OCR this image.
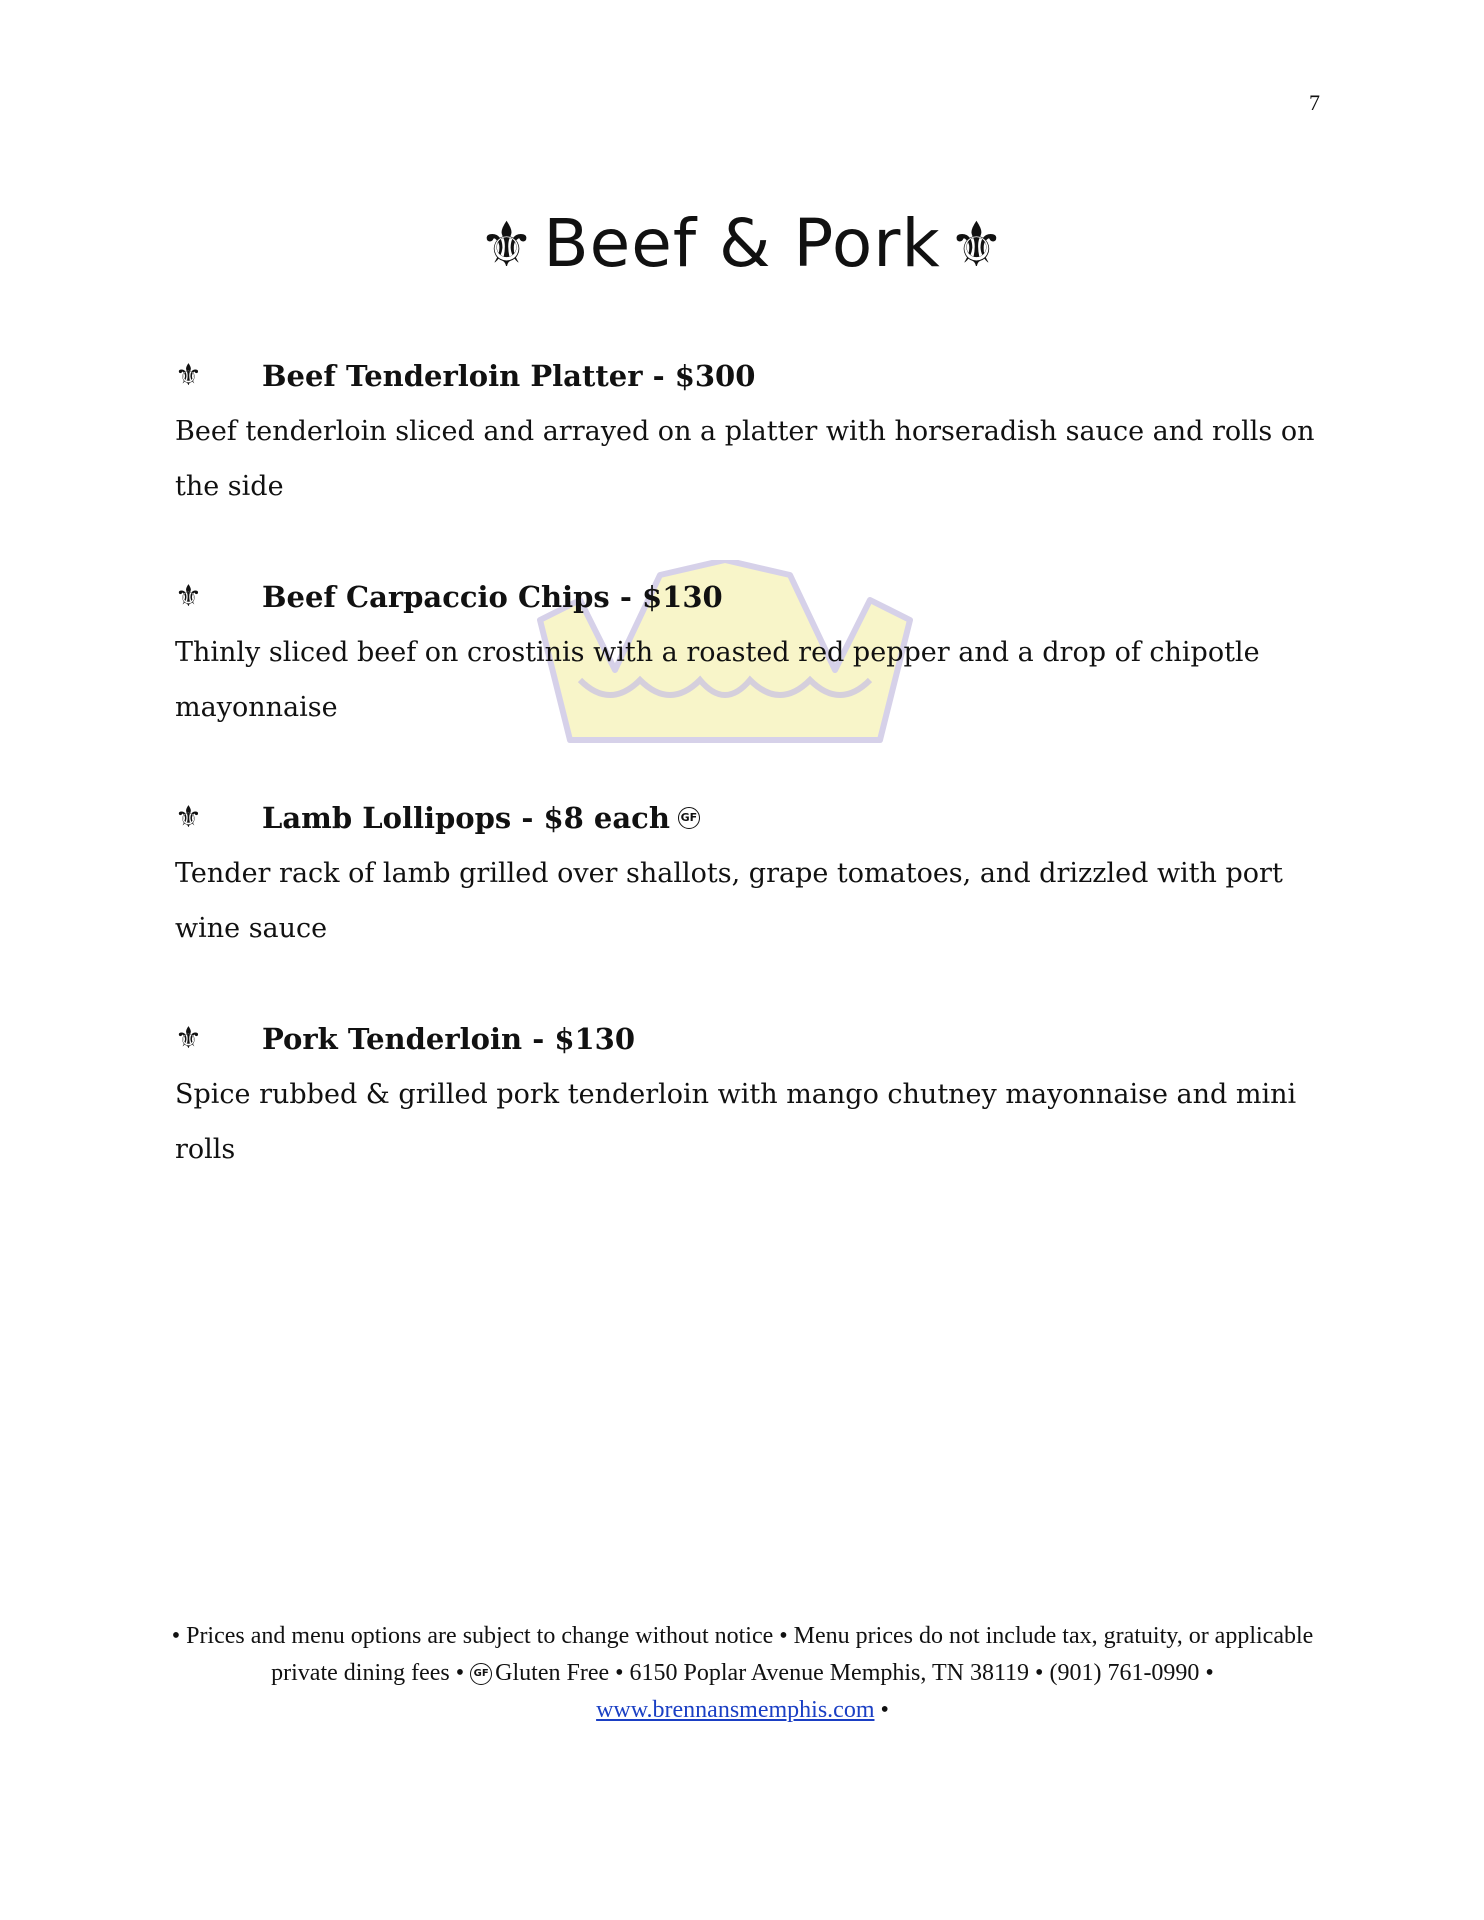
7
⚜ Beef & Pork ⚜
⚜	Beef Tenderloin Platter - $300
Beef tenderloin sliced and arrayed on a platter with horseradish sauce and rolls on the side
⚜	Beef Carpaccio Chips - $130
Thinly sliced beef on crostinis with a roasted red pepper and a drop of chipotle mayonnaise
⚜	Lamb Lollipops - $8 each GF
Tender rack of lamb grilled over shallots, grape tomatoes, and drizzled with port wine sauce
⚜	Pork Tenderloin - $130
Spice rubbed & grilled pork tenderloin with mango chutney mayonnaise and mini rolls
• Prices and menu options are subject to change without notice • Menu prices do not include tax, gratuity, or applicable private dining fees • GF Gluten Free • 6150 Poplar Avenue Memphis, TN 38119 • (901) 761-0990 • www.brennansmemphis.com •
